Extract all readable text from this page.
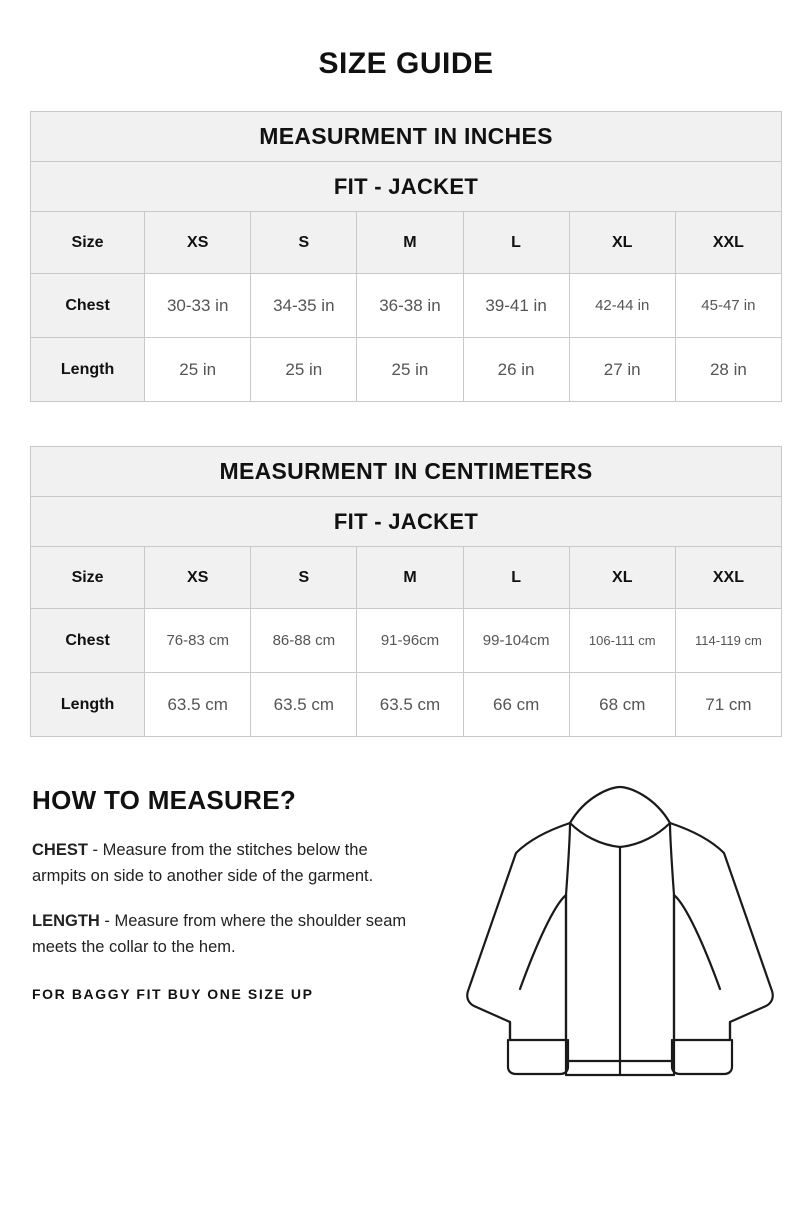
SIZE GUIDE
MEASURMENT IN INCHES						
FIT - JACKET						
Size	XS	S	M	L	XL	XXL
Chest	30-33 in	34-35 in	36-38 in	39-41 in	42-44 in	45-47 in
Length	25 in	25 in	25 in	26 in	27 in	28 in
MEASURMENT IN CENTIMETERS						
FIT - JACKET						
Size	XS	S	M	L	XL	XXL
Chest	76-83 cm	86-88 cm	91-96cm	99-104cm	106-111 cm	114-119 cm
Length	63.5 cm	63.5 cm	63.5 cm	66 cm	68 cm	71 cm
HOW TO MEASURE?

CHEST - Measure from the stitches below the armpits on side to another side of the garment.

LENGTH - Measure from where the shoulder seam meets the collar to the hem.

FOR BAGGY FIT BUY ONE SIZE UP
